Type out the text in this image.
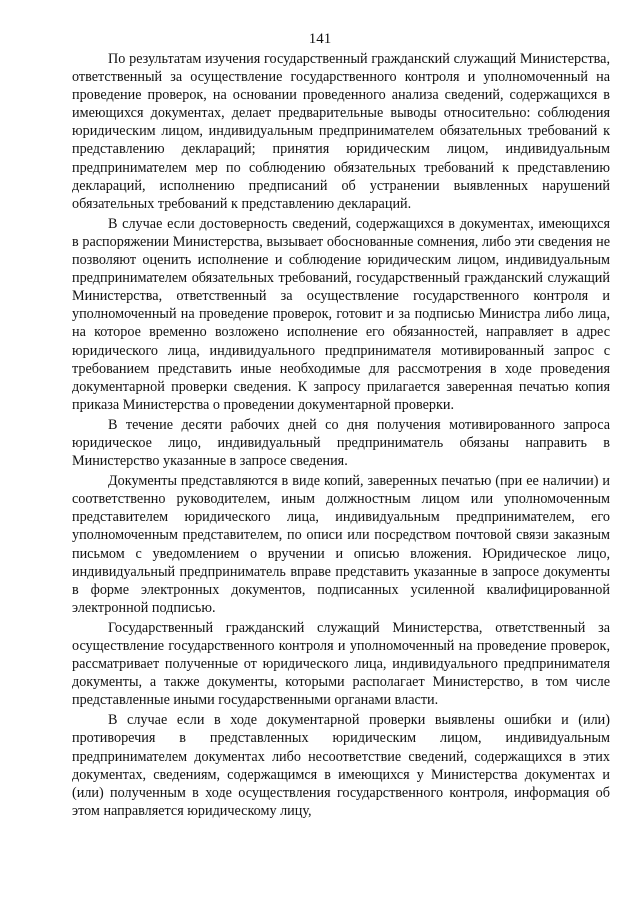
141

По результатам изучения государственный гражданский служащий Министерства, ответственный за осуществление государственного контроля и уполномоченный на проведение проверок, на основании проведенного анализа сведений, содержащихся в имеющихся документах, делает предварительные выводы относительно: соблюдения юридическим лицом, индивидуальным предпринимателем обязательных требований к представлению деклараций; принятия юридическим лицом, индивидуальным предпринимателем мер по соблюдению обязательных требований к представлению деклараций, исполнению предписаний об устранении выявленных нарушений обязательных требований к представлению деклараций.

В случае если достоверность сведений, содержащихся в документах, имеющихся в распоряжении Министерства, вызывает обоснованные сомнения, либо эти сведения не позволяют оценить исполнение и соблюдение юридическим лицом, индивидуальным предпринимателем обязательных требований, государственный гражданский служащий Министерства, ответственный за осуществление государственного контроля и уполномоченный на проведение проверок, готовит и за подписью Министра либо лица, на которое временно возложено исполнение его обязанностей, направляет в адрес юридического лица, индивидуального предпринимателя мотивированный запрос с требованием представить иные необходимые для рассмотрения в ходе проведения документарной проверки сведения. К запросу прилагается заверенная печатью копия приказа Министерства о проведении документарной проверки.

В течение десяти рабочих дней со дня получения мотивированного запроса юридическое лицо, индивидуальный предприниматель обязаны направить в Министерство указанные в запросе сведения.

Документы представляются в виде копий, заверенных печатью (при ее наличии) и соответственно руководителем, иным должностным лицом или уполномоченным представителем юридического лица, индивидуальным предпринимателем, его уполномоченным представителем, по описи или посредством почтовой связи заказным письмом с уведомлением о вручении и описью вложения. Юридическое лицо, индивидуальный предприниматель вправе представить указанные в запросе документы в форме электронных документов, подписанных усиленной квалифицированной электронной подписью.

Государственный гражданский служащий Министерства, ответственный за осуществление государственного контроля и уполномоченный на проведение проверок, рассматривает полученные от юридического лица, индивидуального предпринимателя документы, а также документы, которыми располагает Министерство, в том числе представленные иными государственными органами власти.

В случае если в ходе документарной проверки выявлены ошибки и (или) противоречия в представленных юридическим лицом, индивидуальным предпринимателем документах либо несоответствие сведений, содержащихся в этих документах, сведениям, содержащимся в имеющихся у Министерства документах и (или) полученным в ходе осуществления государственного контроля, информация об этом направляется юридическому лицу,
